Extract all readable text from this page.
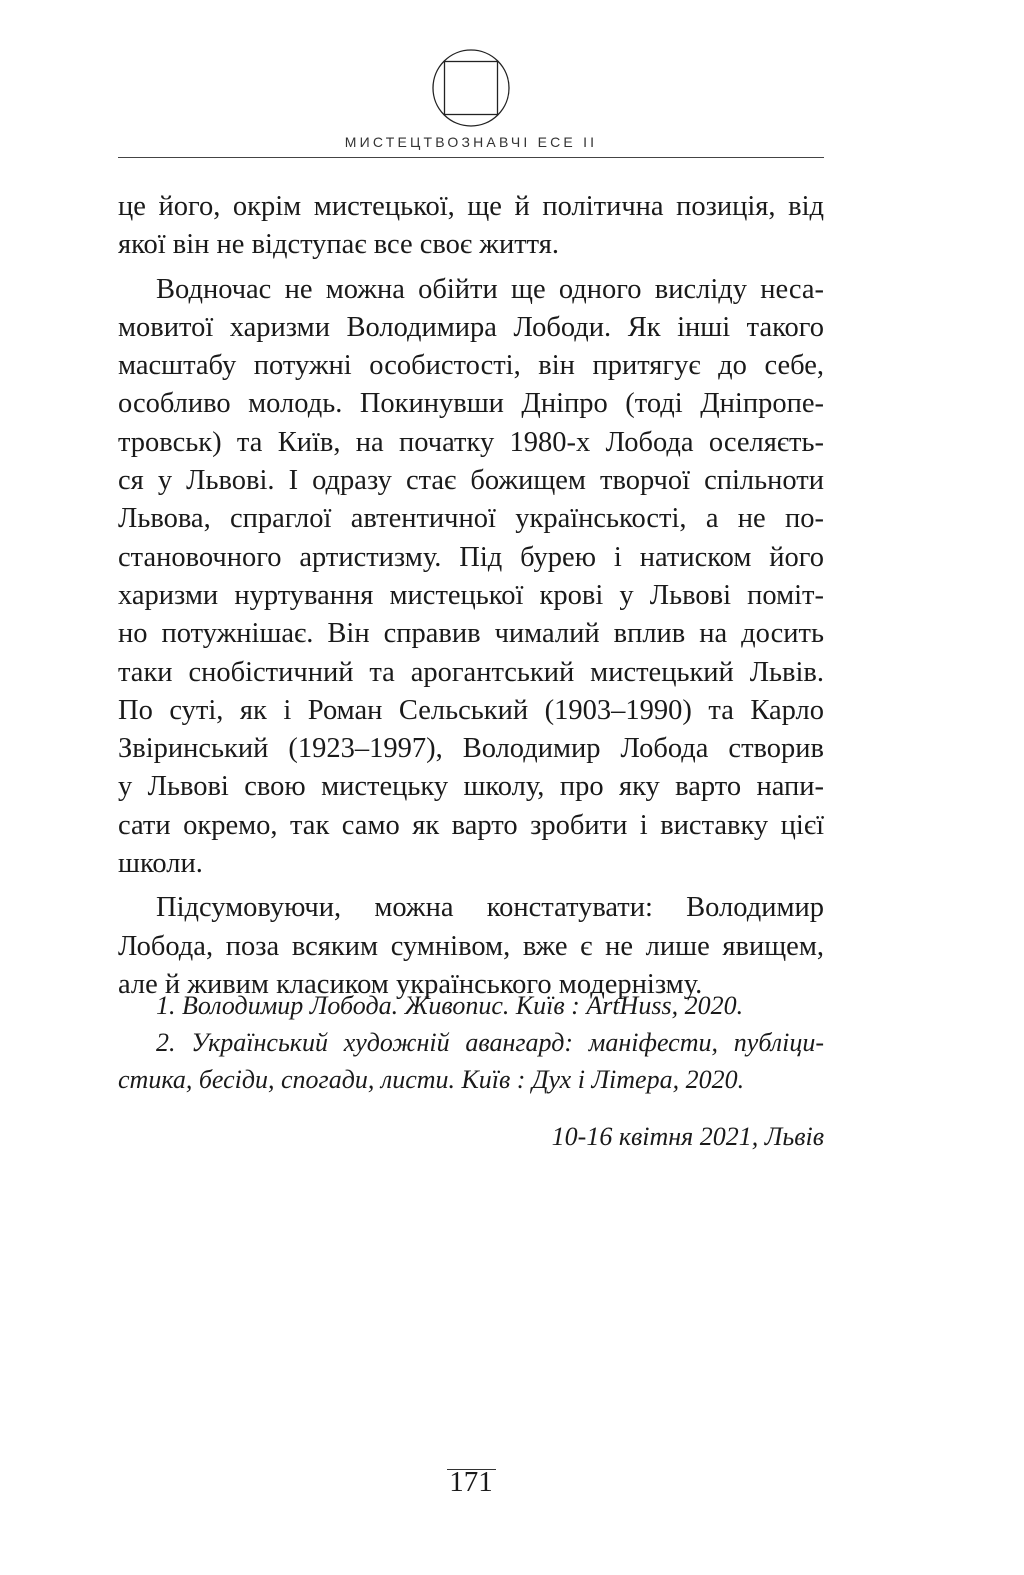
МИСТЕЦТВОЗНАВЧІ ЕСЕ II
це його, окрім мистецької, ще й політична позиція, від
якої він не відступає все своє життя.
Водночас не можна обійти ще одного вислiду неса-
мовитої харизми Володимира Лободи. Як інші такого
масштабу потужні особистості, він притягує до себе,
особливо молодь. Покинувши Дніпро (тоді Дніпропе-
тровськ) та Київ, на початку 1980-х Лобода оселяєть-
ся у Львові. І одразу стає божищем творчої спільноти
Львова, спраглої автентичної українськості, а не по-
становочного артистизму. Під бурею і натиском його
харизми нуртування мистецької крові у Львові помiт-
но потужнішає. Він справив чималий вплив на досить
таки снобістичний та арогантський мистецький Львів.
По суті, як і Роман Сельський (1903–1990) та Карло
Звіринський (1923–1997), Володимир Лобода створив
у Львові свою мистецьку школу, про яку варто напи-
сати окремо, так само як варто зробити і виставку цієї
школи.
Підсумовуючи, можна констатувати: Володимир
Лобода, поза всяким сумнівом, вже є не лише явищем,
але й живим класиком українського модернізму.
1. Володимир Лобода. Живопис. Київ : ArtHuss, 2020.
2. Український художній авангард: маніфести, публіци-
стика, бесіди, спогади, листи. Київ : Дух і Літера, 2020.
10-16 квітня 2021, Львів
171
